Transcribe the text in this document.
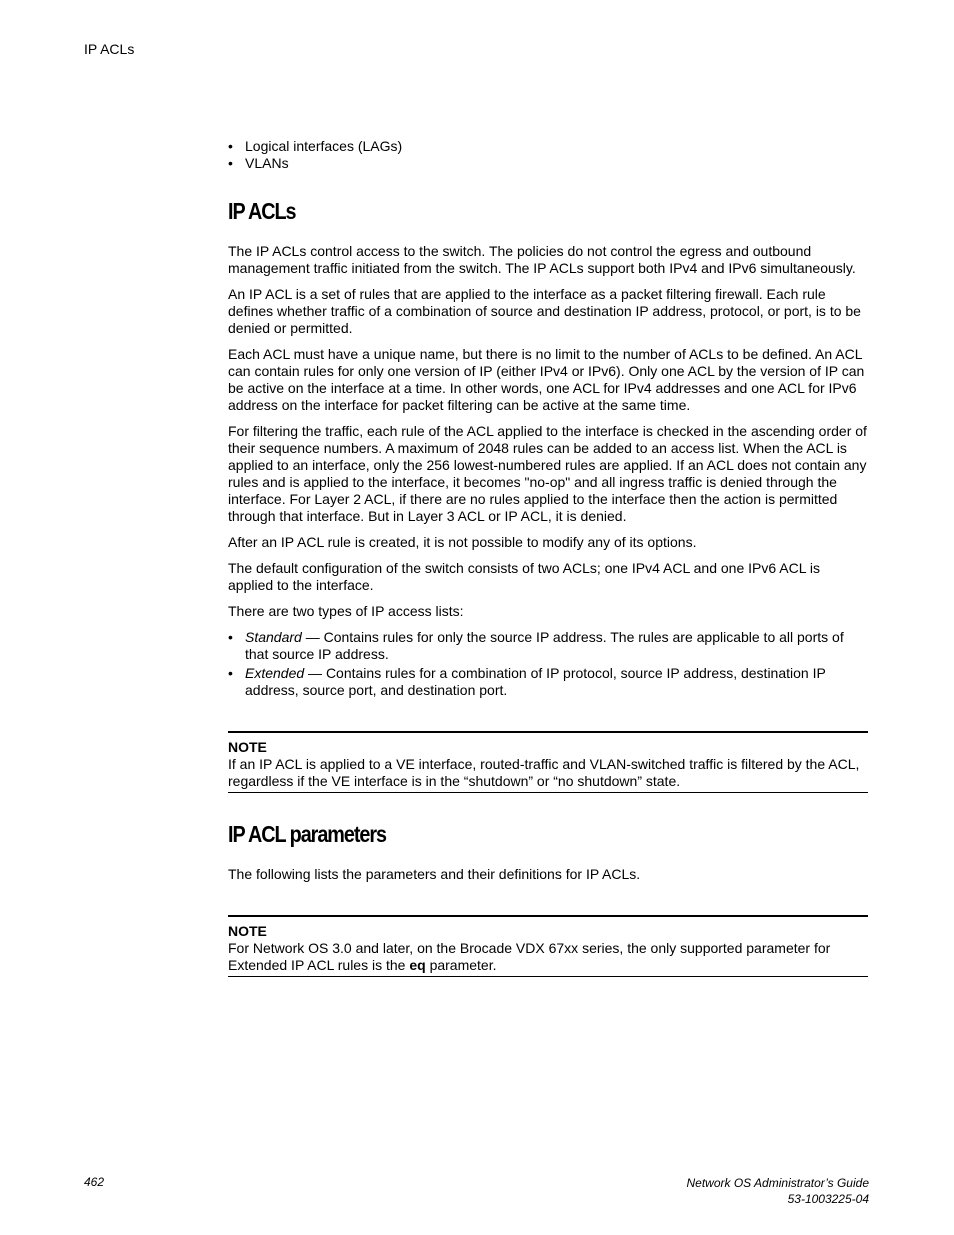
IP ACLs
• Logical interfaces (LAGs)
• VLANs
IP ACLs

The IP ACLs control access to the switch. The policies do not control the egress and outbound management traffic initiated from the switch. The IP ACLs support both IPv4 and IPv6 simultaneously.

An IP ACL is a set of rules that are applied to the interface as a packet filtering firewall. Each rule defines whether traffic of a combination of source and destination IP address, protocol, or port, is to be denied or permitted.

Each ACL must have a unique name, but there is no limit to the number of ACLs to be defined. An ACL can contain rules for only one version of IP (either IPv4 or IPv6). Only one ACL by the version of IP can be active on the interface at a time. In other words, one ACL for IPv4 addresses and one ACL for IPv6 address on the interface for packet filtering can be active at the same time.

For filtering the traffic, each rule of the ACL applied to the interface is checked in the ascending order of their sequence numbers. A maximum of 2048 rules can be added to an access list. When the ACL is applied to an interface, only the 256 lowest-numbered rules are applied. If an ACL does not contain any rules and is applied to the interface, it becomes "no-op" and all ingress traffic is denied through the interface. For Layer 2 ACL, if there are no rules applied to the interface then the action is permitted through that interface. But in Layer 3 ACL or IP ACL, it is denied.

After an IP ACL rule is created, it is not possible to modify any of its options.

The default configuration of the switch consists of two ACLs; one IPv4 ACL and one IPv6 ACL is applied to the interface.

There are two types of IP access lists:

• Standard — Contains rules for only the source IP address. The rules are applicable to all ports of that source IP address.
• Extended — Contains rules for a combination of IP protocol, source IP address, destination IP address, source port, and destination port.
NOTE

If an IP ACL is applied to a VE interface, routed-traffic and VLAN-switched traffic is filtered by the ACL, regardless if the VE interface is in the “shutdown” or “no shutdown” state.

IP ACL parameters

The following lists the parameters and their definitions for IP ACLs.

NOTE

For Network OS 3.0 and later, on the Brocade VDX 67xx series, the only supported parameter for Extended IP ACL rules is the eq parameter.

462	Network OS Administrator’s Guide
53-1003225-04
